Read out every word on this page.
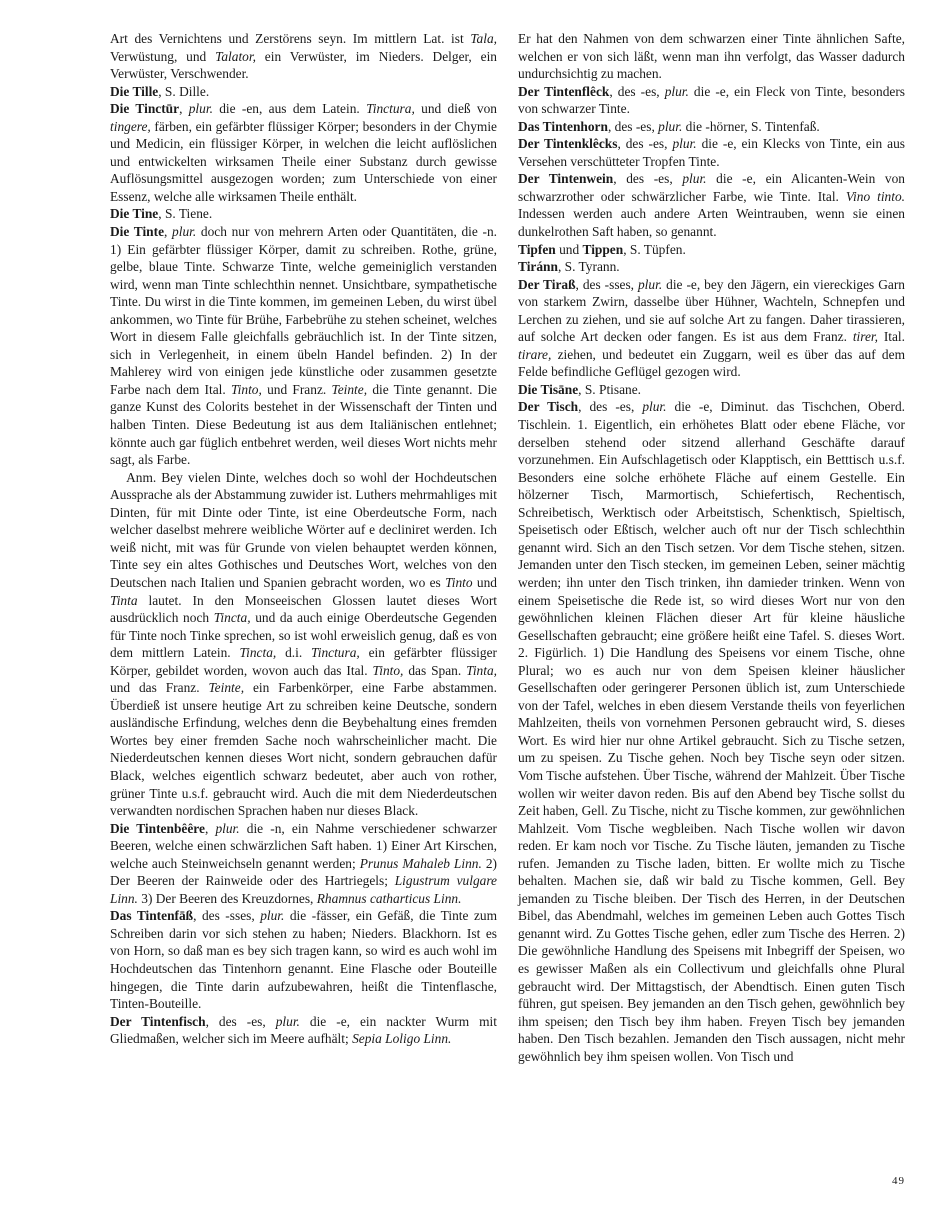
Art des Vernichtens und Zerstörens seyn. Im mittlern Lat. ist Tala, Verwüstung, und Talator, ein Verwüster, im Nieders. Delger, ein Verwüster, Verschwender.

Die Tille, S. Dille.

Die Tinctūr, plur. die -en, aus dem Latein. Tinctura, und dieß von tingere, färben, ein gefärbter flüssiger Körper; besonders in der Chymie und Medicin, ein flüssiger Körper, in welchen die leicht auflöslichen und entwickelten wirksamen Theile einer Substanz durch gewisse Auflösungsmittel ausgezogen worden; zum Unterschiede von einer Essenz, welche alle wirksamen Theile enthält.

Die Tine, S. Tiene.

Die Tinte, plur. doch nur von mehrern Arten oder Quantitäten, die -n. 1) Ein gefärbter flüssiger Körper, damit zu schreiben. Rothe, grüne, gelbe, blaue Tinte. Schwarze Tinte, welche gemeiniglich verstanden wird, wenn man Tinte schlechthin nennet. Unsichtbare, sympathetische Tinte. Du wirst in die Tinte kommen, im gemeinen Leben, du wirst übel ankommen, wo Tinte für Brühe, Farbebrühe zu stehen scheinet, welches Wort in diesem Falle gleichfalls gebräuchlich ist. In der Tinte sitzen, sich in Verlegenheit, in einem übeln Handel befinden. 2) In der Mahlerey wird von einigen jede künstliche oder zusammen gesetzte Farbe nach dem Ital. Tinto, und Franz. Teinte, die Tinte genannt. Die ganze Kunst des Colorits bestehet in der Wissenschaft der Tinten und halben Tinten. Diese Bedeutung ist aus dem Italiänischen entlehnet; könnte auch gar füglich entbehret werden, weil dieses Wort nichts mehr sagt, als Farbe.

Anm. Bey vielen Dinte, welches doch so wohl der Hochdeutschen Aussprache als der Abstammung zuwider ist. Luthers mehrmahliges mit Dinten, für mit Dinte oder Tinte, ist eine Oberdeutsche Form, nach welcher daselbst mehrere weibliche Wörter auf e decliniret werden. Ich weiß nicht, mit was für Grunde von vielen behauptet werden können, Tinte sey ein altes Gothisches und Deutsches Wort, welches von den Deutschen nach Italien und Spanien gebracht worden, wo es Tinto und Tinta lautet. In den Monseeischen Glossen lautet dieses Wort ausdrücklich noch Tincta, und da auch einige Oberdeutsche Gegenden für Tinte noch Tinke sprechen, so ist wohl erweislich genug, daß es von dem mittlern Latein. Tincta, d.i. Tinctura, ein gefärbter flüssiger Körper, gebildet worden, wovon auch das Ital. Tinto, das Span. Tinta, und das Franz. Teinte, ein Farbenkörper, eine Farbe abstammen. Überdieß ist unsere heutige Art zu schreiben keine Deutsche, sondern ausländische Erfindung, welches denn die Beybehaltung eines fremden Wortes bey einer fremden Sache noch wahrscheinlicher macht. Die Niederdeutschen kennen dieses Wort nicht, sondern gebrauchen dafür Black, welches eigentlich schwarz bedeutet, aber auch von rother, grüner Tinte u.s.f. gebraucht wird. Auch die mit dem Niederdeutschen verwandten nordischen Sprachen haben nur dieses Black.

Die Tintenbêêre, plur. die -n, ein Nahme verschiedener schwarzer Beeren, welche einen schwärzlichen Saft haben. 1) Einer Art Kirschen, welche auch Steinweichseln genannt werden; Prunus Mahaleb Linn. 2) Der Beeren der Rainweide oder des Hartriegels; Ligustrum vulgare Linn. 3) Der Beeren des Kreuzdornes, Rhamnus catharticus Linn.

Das Tintenfāß, des -sses, plur. die -fässer, ein Gefäß, die Tinte zum Schreiben darin vor sich stehen zu haben; Nieders. Blackhorn. Ist es von Horn, so daß man es bey sich tragen kann, so wird es auch wohl im Hochdeutschen das Tintenhorn genannt. Eine Flasche oder Bouteille hingegen, die Tinte darin aufzubewahren, heißt die Tintenflasche, Tinten-Bouteille.

Der Tintenfisch, des -es, plur. die -e, ein nackter Wurm mit Gliedmaßen, welcher sich im Meere aufhält; Sepia Loligo Linn.

Er hat den Nahmen von dem schwarzen einer Tinte ähnlichen Safte, welchen er von sich läßt, wenn man ihn verfolgt, das Wasser dadurch undurchsichtig zu machen.

Der Tintenflêck, des -es, plur. die -e, ein Fleck von Tinte, besonders von schwarzer Tinte.

Das Tintenhorn, des -es, plur. die -hörner, S. Tintenfaß.

Der Tintenklêcks, des -es, plur. die -e, ein Klecks von Tinte, ein aus Versehen verschütteter Tropfen Tinte.

Der Tintenwein, des -es, plur. die -e, ein Alicanten-Wein von schwarzrother oder schwärzlicher Farbe, wie Tinte. Ital. Vino tinto. Indessen werden auch andere Arten Weintrauben, wenn sie einen dunkelrothen Saft haben, so genannt.

Tipfen und Tippen, S. Tüpfen.

Tiránn, S. Tyrann.

Der Tiraß, des -sses, plur. die -e, bey den Jägern, ein viereckiges Garn von starkem Zwirn, dasselbe über Hühner, Wachteln, Schnepfen und Lerchen zu ziehen, und sie auf solche Art zu fangen. Daher tirassieren, auf solche Art decken oder fangen. Es ist aus dem Franz. tirer, Ital. tirare, ziehen, und bedeutet ein Zuggarn, weil es über das auf dem Felde befindliche Geflügel gezogen wird.

Die Tisāne, S. Ptisane.

Der Tisch, des -es, plur. die -e, Diminut. das Tischchen, Oberd. Tischlein. 1. Eigentlich, ein erhöhetes Blatt oder ebene Fläche, vor derselben stehend oder sitzend allerhand Geschäfte darauf vorzunehmen. Ein Aufschlagetisch oder Klapptisch, ein Betttisch u.s.f. Besonders eine solche erhöhete Fläche auf einem Gestelle. Ein hölzerner Tisch, Marmortisch, Schiefertisch, Rechentisch, Schreibetisch, Werktisch oder Arbeitstisch, Schenktisch, Spieltisch, Speisetisch oder Eßtisch, welcher auch oft nur der Tisch schlechthin genannt wird. Sich an den Tisch setzen. Vor dem Tische stehen, sitzen. Jemanden unter den Tisch stecken, im gemeinen Leben, seiner mächtig werden; ihn unter den Tisch trinken, ihn damieder trinken. Wenn von einem Speisetische die Rede ist, so wird dieses Wort nur von den gewöhnlichen kleinen Flächen dieser Art für kleine häusliche Gesellschaften gebraucht; eine größere heißt eine Tafel. S. dieses Wort. 2. Figürlich. 1) Die Handlung des Speisens vor einem Tische, ohne Plural; wo es auch nur von dem Speisen kleiner häuslicher Gesellschaften oder geringerer Personen üblich ist, zum Unterschiede von der Tafel, welches in eben diesem Verstande theils von feyerlichen Mahlzeiten, theils von vornehmen Personen gebraucht wird, S. dieses Wort. Es wird hier nur ohne Artikel gebraucht. Sich zu Tische setzen, um zu speisen. Zu Tische gehen. Noch bey Tische seyn oder sitzen. Vom Tische aufstehen. Über Tische, während der Mahlzeit. Über Tische wollen wir weiter davon reden. Bis auf den Abend bey Tische sollst du Zeit haben, Gell. Zu Tische, nicht zu Tische kommen, zur gewöhnlichen Mahlzeit. Vom Tische wegbleiben. Nach Tische wollen wir davon reden. Er kam noch vor Tische. Zu Tische läuten, jemanden zu Tische rufen. Jemanden zu Tische laden, bitten. Er wollte mich zu Tische behalten. Machen sie, daß wir bald zu Tische kommen, Gell. Bey jemanden zu Tische bleiben. Der Tisch des Herren, in der Deutschen Bibel, das Abendmahl, welches im gemeinen Leben auch Gottes Tisch genannt wird. Zu Gottes Tische gehen, edler zum Tische des Herren. 2) Die gewöhnliche Handlung des Speisens mit Inbegriff der Speisen, wo es gewisser Maßen als ein Collectivum und gleichfalls ohne Plural gebraucht wird. Der Mittagstisch, der Abendtisch. Einen guten Tisch führen, gut speisen. Bey jemanden an den Tisch gehen, gewöhnlich bey ihm speisen; den Tisch bey ihm haben. Freyen Tisch bey jemanden haben. Den Tisch bezahlen. Jemanden den Tisch aussagen, nicht mehr gewöhnlich bey ihm speisen wollen. Von Tisch und

49
